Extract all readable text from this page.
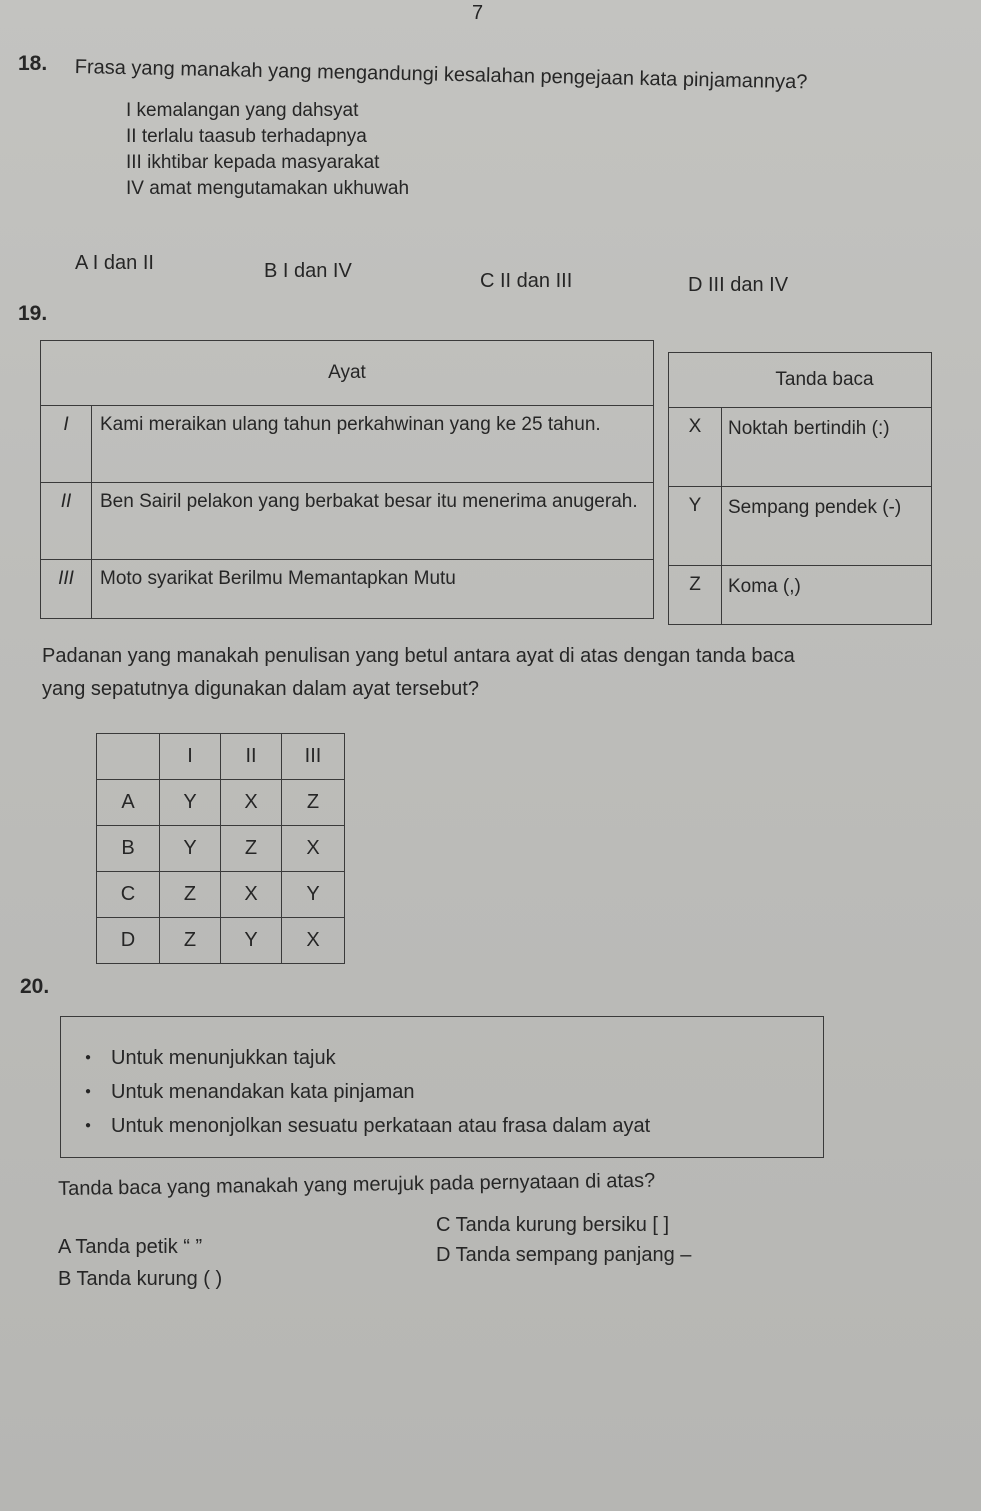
7
18. Frasa yang manakah yang mengandungi kesalahan pengejaan kata pinjamannya?
I kemalangan yang dahsyat
II terlalu taasub terhadapnya
III ikhtibar kepada masyarakat
IV amat mengutamakan ukhuwah
A I dan II	B I dan IV	C II dan III	D III dan IV
19.
Ayat	
I	Kami meraikan ulang tahun perkahwinan yang ke 25 tahun.
II	Ben Sairil pelakon yang berbakat besar itu menerima anugerah.
III	Moto syarikat Berilmu Memantapkan Mutu
Tanda baca	
X	Noktah bertindih (:)
Y	Sempang pendek (-)
Z	Koma (,)
Padanan yang manakah penulisan yang betul antara ayat di atas dengan tanda baca
yang sepatutnya digunakan dalam ayat tersebut?
	I	II	III
A	Y	X	Z
B	Y	Z	X
C	Z	X	Y
D	Z	Y	X
20.
● Untuk menunjukkan tajuk
● Untuk menandakan kata pinjaman
● Untuk menonjolkan sesuatu perkataan atau frasa dalam ayat
Tanda baca yang manakah yang merujuk pada pernyataan di atas?
A Tanda petik “ ”
C Tanda kurung bersiku [ ]
B Tanda kurung ( )
D Tanda sempang panjang –
